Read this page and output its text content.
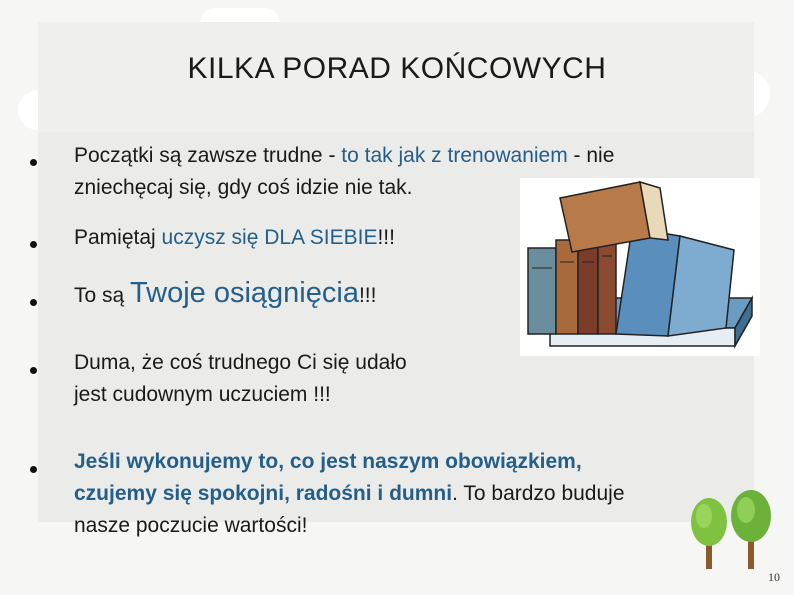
KILKA PORAD KOŃCOWYCH
Początki są zawsze trudne - to tak jak z trenowaniem - nie
zniechęcaj się, gdy coś idzie nie tak.
Pamiętaj uczysz się DLA SIEBIE!!!
To są Twoje osiągnięcia!!!
Duma, że coś trudnego Ci się udało
jest cudownym uczuciem !!!
Jeśli wykonujemy to, co jest naszym obowiązkiem,
czujemy się spokojni, radośni i dumni. To bardzo buduje
nasze poczucie wartości!
10
